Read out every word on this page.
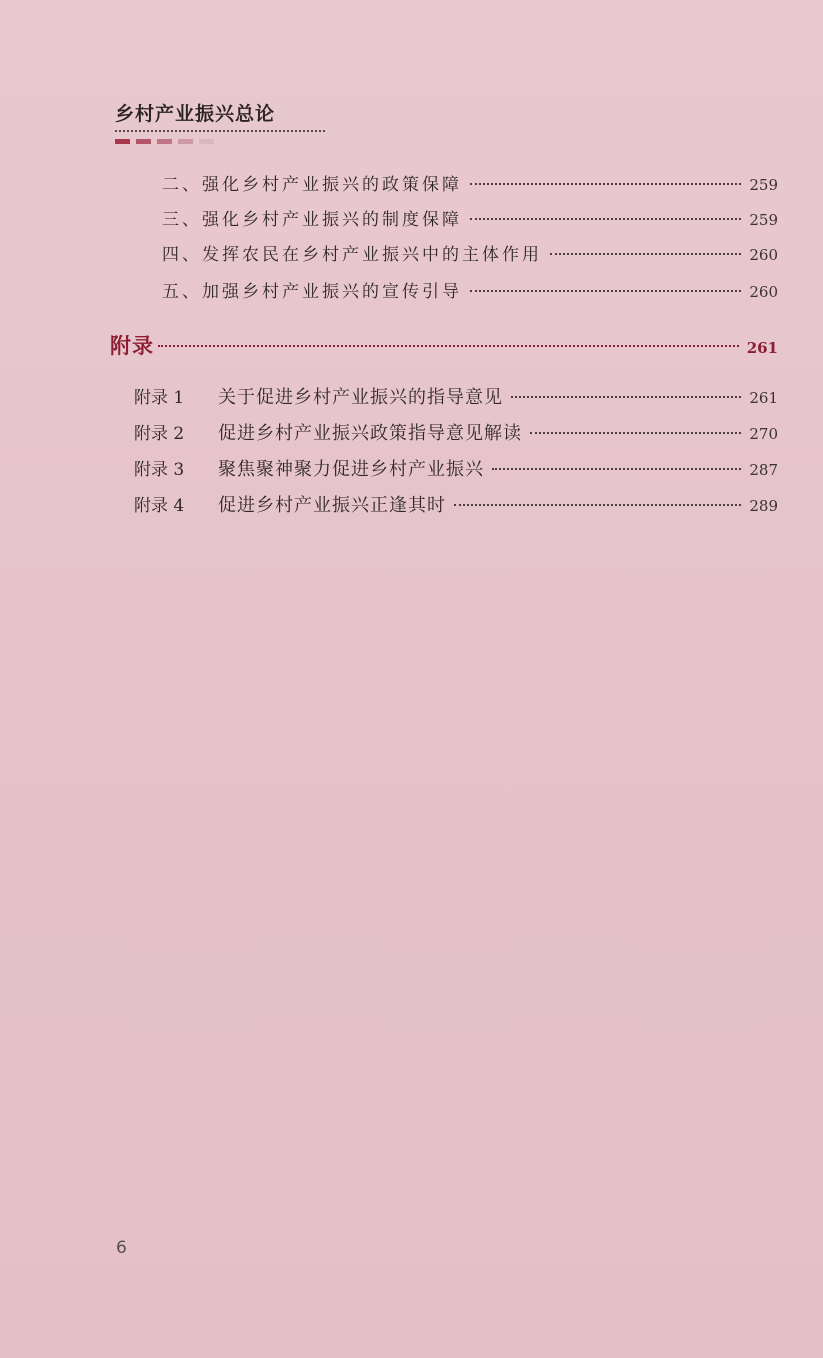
乡村产业振兴总论
二、强化乡村产业振兴的政策保障	259
三、强化乡村产业振兴的制度保障	259
四、发挥农民在乡村产业振兴中的主体作用	260
五、加强乡村产业振兴的宣传引导	260
附录	261
附录 1	关于促进乡村产业振兴的指导意见	261
附录 2	促进乡村产业振兴政策指导意见解读	270
附录 3	聚焦聚神聚力促进乡村产业振兴	287
附录 4	促进乡村产业振兴正逢其时	289
6
